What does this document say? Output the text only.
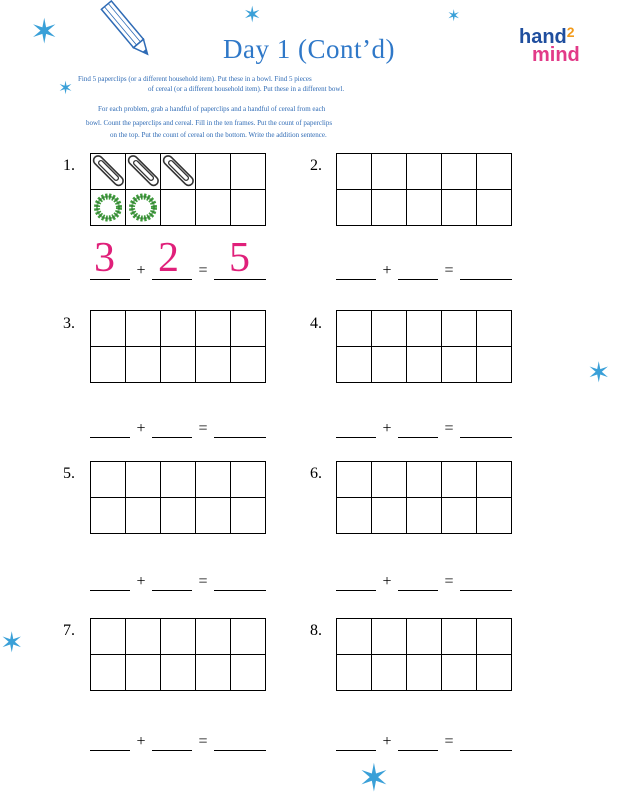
✶	✶	✶
✶
✶
✶
✶
Day 1 (Cont’d)	hand$^2$
mind
Find 5 paperclips (or a different household item). Put these in a bowl. Find 5 pieces
of cereal (or a different household item). Put these in a different bowl.
For each problem, grab a handful of paperclips and a handful of cereal from each
bowl. Count the paperclips and cereal. Fill in the ten frames. Put the count of paperclips
on the top. Put the count of cereal on the bottom. Write the addition sentence.
1.

+	=
2.

+	=
3.

+	=
4.

+	=
5.

+	=
6.

+	=
7.

+	=
8.

+	=
3 2 5
